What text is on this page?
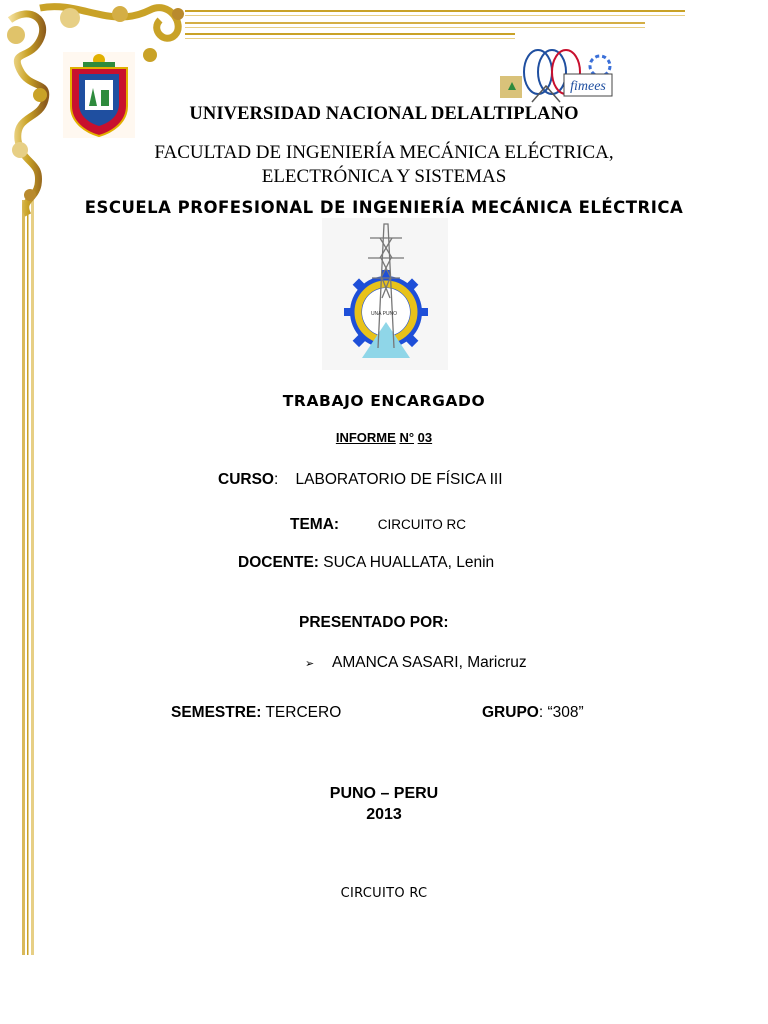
fimees
UNIVERSIDAD NACIONAL DELALTIPLANO
FACULTAD DE INGENIERÍA MECÁNICA ELÉCTRICA,
ELECTRÓNICA Y SISTEMAS
ESCUELA PROFESIONAL DE INGENIERÍA MECÁNICA ELÉCTRICA
UNA PUNO
TRABAJO ENCARGADO
INFORME N° 03
CURSO:    LABORATORIO DE FÍSICA III
TEMA:	CIRCUITO RC
DOCENTE: SUCA HUALLATA, Lenin
PRESENTADO POR:
➢ AMANCA SASARI, Maricruz
SEMESTRE: TERCERO	GRUPO: “308”
PUNO – PERU
2013
CIRCUITO RC
